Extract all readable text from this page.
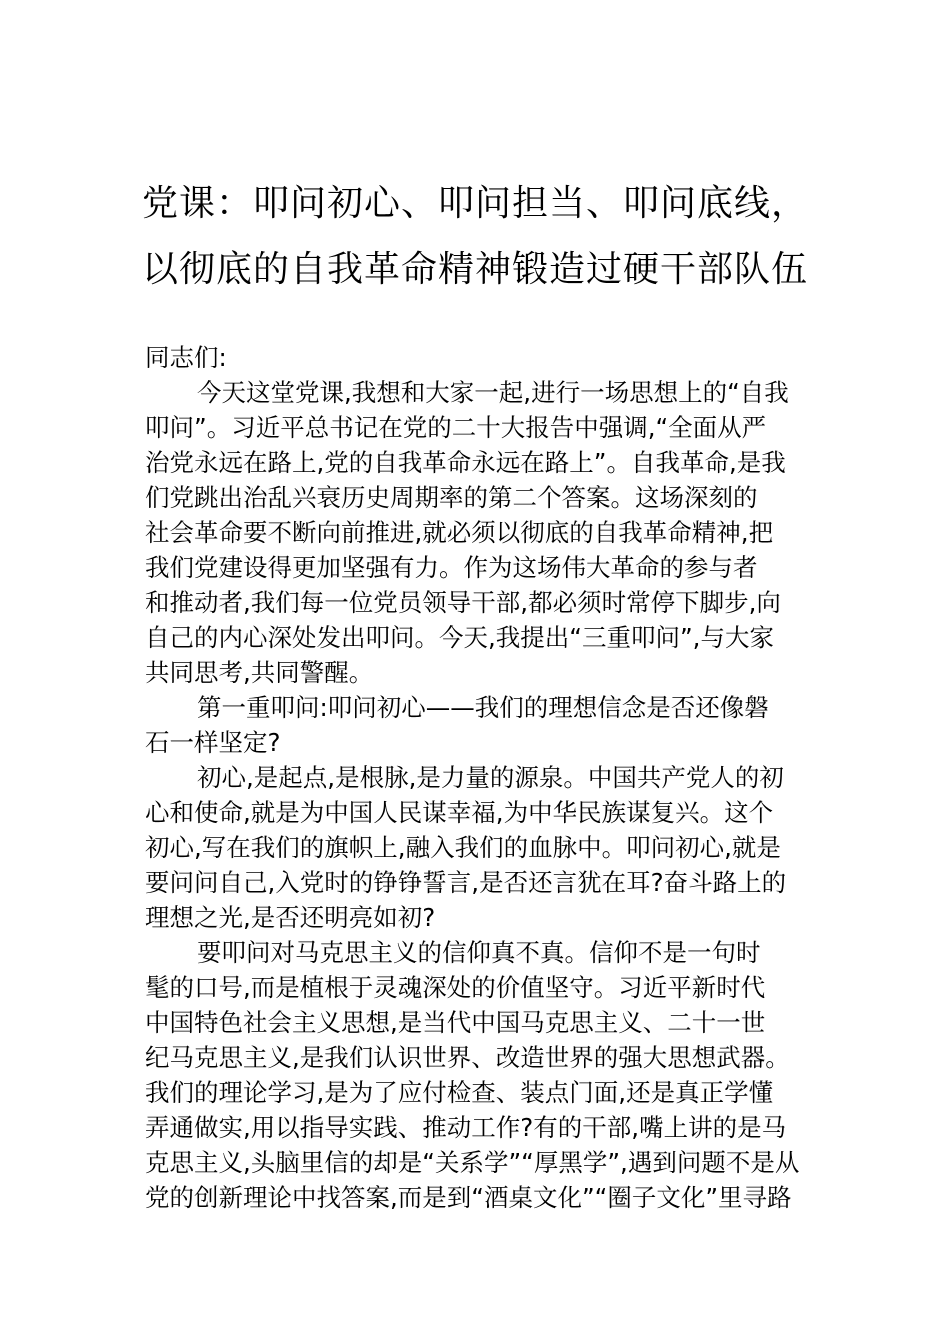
党课：叩问初心、叩问担当、叩问底线，
以彻底的自我革命精神锻造过硬干部队伍
同志们:
今天这堂党课,我想和大家一起,进行一场思想上的“自我
叩问”。习近平总书记在党的二十大报告中强调,“全面从严
治党永远在路上,党的自我革命永远在路上”。自我革命,是我
们党跳出治乱兴衰历史周期率的第二个答案。这场深刻的
社会革命要不断向前推进,就必须以彻底的自我革命精神,把
我们党建设得更加坚强有力。作为这场伟大革命的参与者
和推动者,我们每一位党员领导干部,都必须时常停下脚步,向
自己的内心深处发出叩问。今天,我提出“三重叩问”,与大家
共同思考,共同警醒。
第一重叩问:叩问初心——我们的理想信念是否还像磐
石一样坚定?
初心,是起点,是根脉,是力量的源泉。中国共产党人的初
心和使命,就是为中国人民谋幸福,为中华民族谋复兴。这个
初心,写在我们的旗帜上,融入我们的血脉中。叩问初心,就是
要问问自己,入党时的铮铮誓言,是否还言犹在耳?奋斗路上的
理想之光,是否还明亮如初?
要叩问对马克思主义的信仰真不真。信仰不是一句时
髦的口号,而是植根于灵魂深处的价值坚守。习近平新时代
中国特色社会主义思想,是当代中国马克思主义、二十一世
纪马克思主义,是我们认识世界、改造世界的强大思想武器。
我们的理论学习,是为了应付检查、装点门面,还是真正学懂
弄通做实,用以指导实践、推动工作?有的干部,嘴上讲的是马
克思主义,头脑里信的却是“关系学”“厚黑学”,遇到问题不是从
党的创新理论中找答案,而是到“酒桌文化”“圈子文化”里寻路
